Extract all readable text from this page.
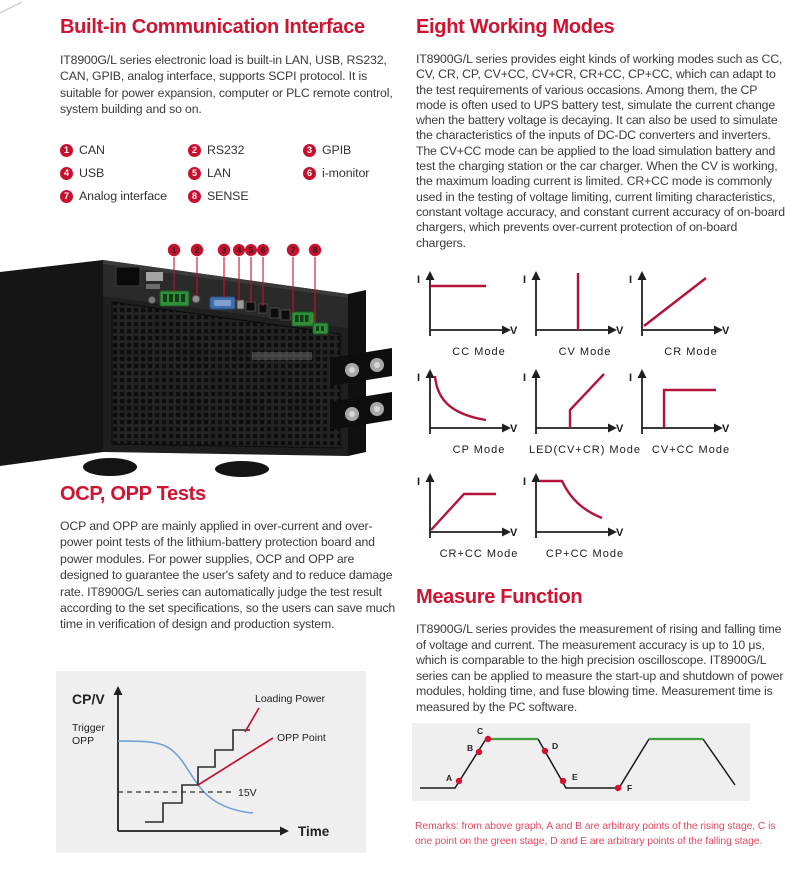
Built-in Communication Interface

IT8900G/L series electronic load is built-in LAN, USB, RS232, CAN, GPIB, analog interface, supports SCPI protocol. It is suitable for power expansion, computer or PLC remote control, system building and so on.

1 CAN	2 RS232	3 GPIB
4 USB	5 LAN	6 i-monitor
7 Analog interface	8 SENSE
1 2	3 4 5 6	7 8
OCP, OPP Tests

OCP and OPP are mainly applied in over-current and over-power point tests of the lithium-battery protection board and power modules. For power supplies, OCP and OPP are designed to guarantee the user's safety and to reduce damage rate. IT8900G/L series can automatically judge the test result according to the set specifications, so the users can save much time in verification of design and production system.

CP/V
Time
Trigger
OPP
15V
Loading Power
OPP Point
Eight Working Modes

IT8900G/L series provides eight kinds of working modes such as CC, CV, CR, CP, CV+CC, CV+CR, CR+CC, CP+CC, which can adapt to the test requirements of various occasions. Among them, the CP mode is often used to UPS battery test, simulate the current change when the battery voltage is decaying. It can also be used to simulate the characteristics of the inputs of DC-DC converters and inverters. The CV+CC mode can be applied to the load simulation battery and test the charging station or the car charger. When the CV is working, the maximum loading current is limited. CR+CC mode is commonly used in the testing of voltage limiting, current limiting characteristics, constant voltage accuracy, and constant current accuracy of on-board chargers, which prevents over-current protection of on-board chargers.

I
V
CC Mode
I
V
CV Mode
I
V
CR Mode
I
V
CP Mode
I
V
LED(CV+CR) Mode
I
V
CV+CC Mode
I
V
CR+CC Mode
I
V
CP+CC Mode
Measure Function

IT8900G/L series provides the measurement of rising and falling time of voltage and current. The measurement accuracy is up to 10 μs, which is comparable to the high precision oscilloscope. IT8900G/L series can be applied to measure the start-up and shutdown of power modules, holding time, and fuse blowing time. Measurement time is measured by the PC software.

A
B
C
D
E
F

Remarks: from above graph, A and B are arbitrary points of the rising stage, C is one point on the green stage, D and E are arbitrary points of the falling stage.
